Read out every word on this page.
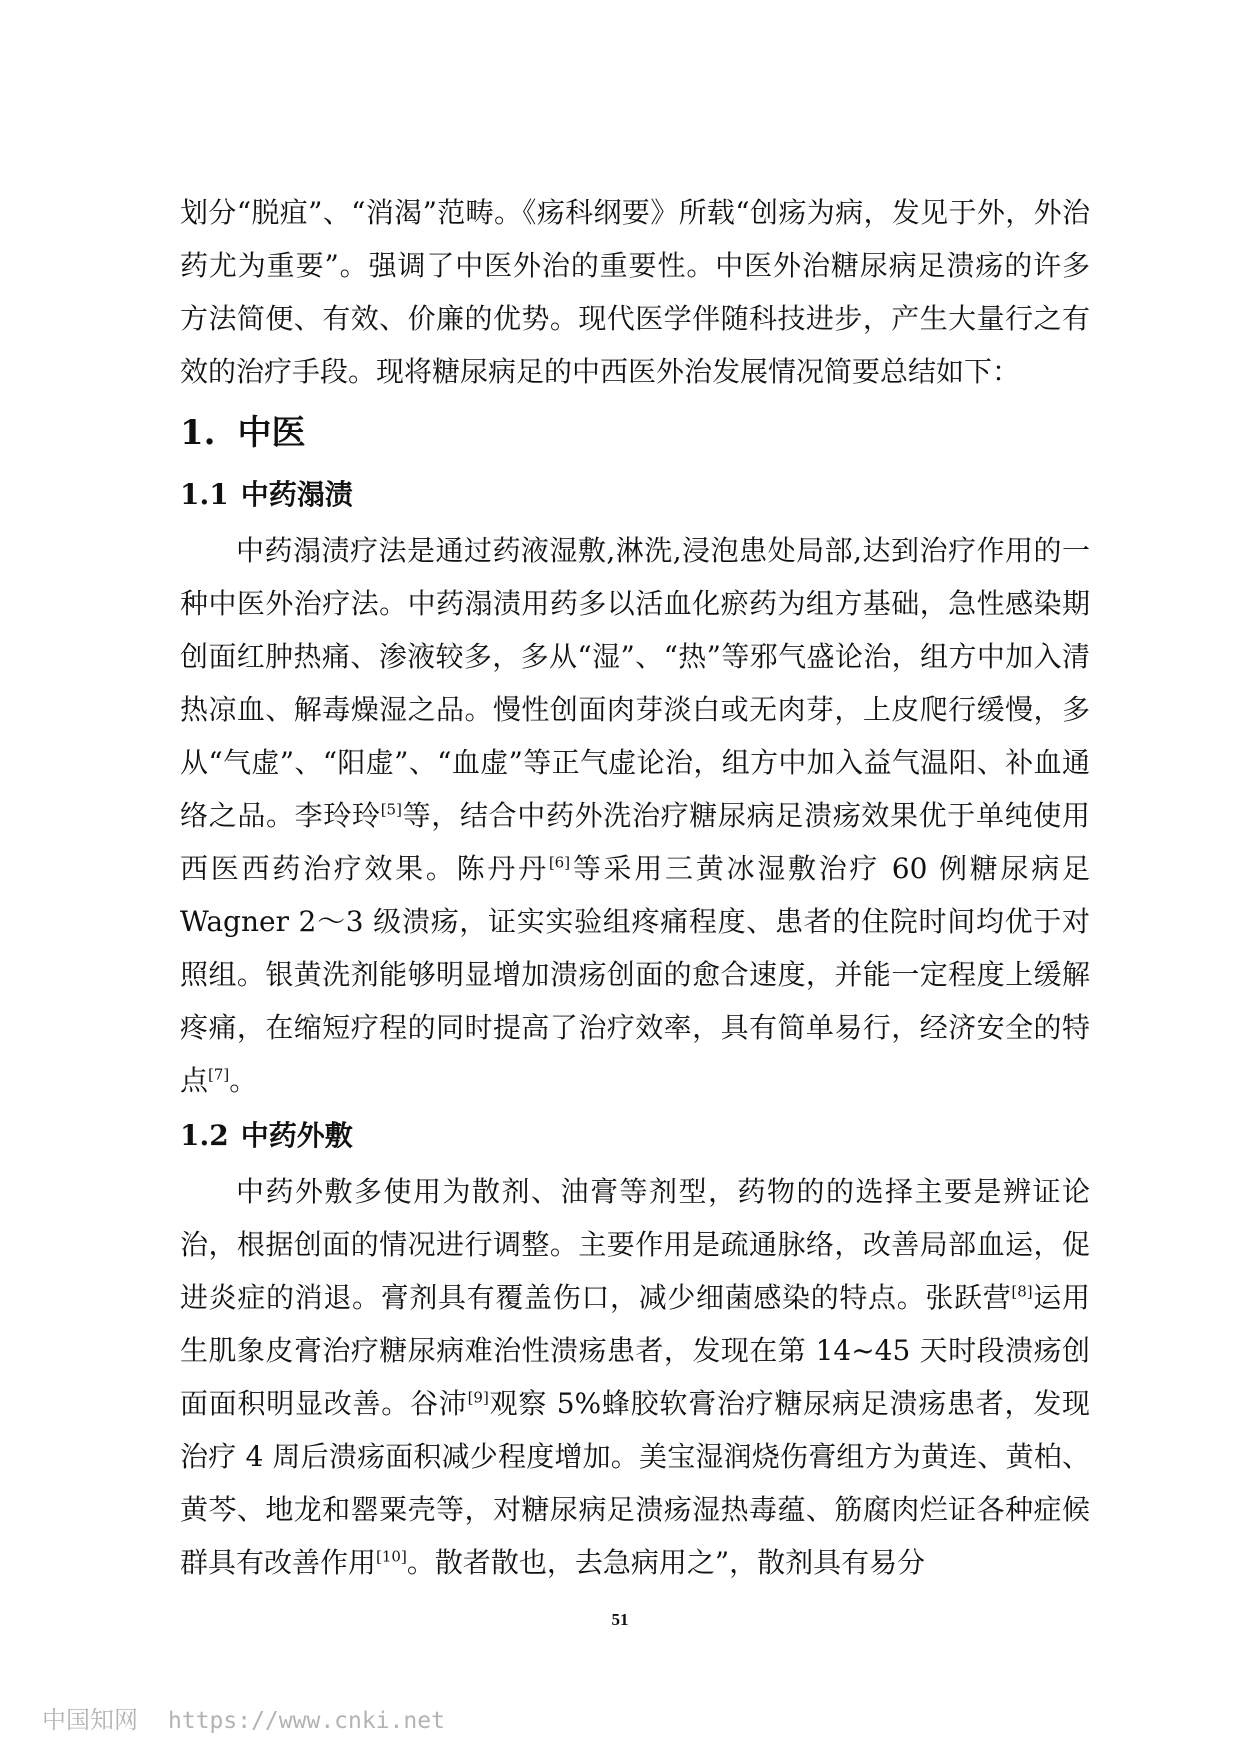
划分“脱疽”、“消渴”范畴。《疡科纲要》所载“创疡为病，发见于外，外治药尤为重要”。强调了中医外治的重要性。中医外治糖尿病足溃疡的许多方法简便、有效、价廉的优势。现代医学伴随科技进步，产生大量行之有效的治疗手段。现将糖尿病足的中西医外治发展情况简要总结如下：

1. 中医
1.1 中药溻渍

中药溻渍疗法是通过药液湿敷,淋洗,浸泡患处局部,达到治疗作用的一种中医外治疗法。中药溻渍用药多以活血化瘀药为组方基础，急性感染期创面红肿热痛、渗液较多，多从“湿”、“热”等邪气盛论治，组方中加入清热凉血、解毒燥湿之品。慢性创面肉芽淡白或无肉芽，上皮爬行缓慢，多从“气虚”、“阳虚”、“血虚”等正气虚论治，组方中加入益气温阳、补血通络之品。李玲玲[5]等，结合中药外洗治疗糖尿病足溃疡效果优于单纯使用西医西药治疗效果。陈丹丹[6]等采用三黄冰湿敷治疗 60 例糖尿病足 Wagner 2～3 级溃疡，证实实验组疼痛程度、患者的住院时间均优于对照组。银黄洗剂能够明显增加溃疡创面的愈合速度，并能一定程度上缓解疼痛，在缩短疗程的同时提高了治疗效率，具有简单易行，经济安全的特点[7]。

1.2 中药外敷

中药外敷多使用为散剂、油膏等剂型，药物的的选择主要是辨证论治，根据创面的情况进行调整。主要作用是疏通脉络，改善局部血运，促进炎症的消退。膏剂具有覆盖伤口，减少细菌感染的特点。张跃营[8]运用生肌象皮膏治疗糖尿病难治性溃疡患者，发现在第 14~45 天时段溃疡创面面积明显改善。谷沛[9]观察 5%蜂胶软膏治疗糖尿病足溃疡患者，发现治疗 4 周后溃疡面积减少程度增加。美宝湿润烧伤膏组方为黄连、黄柏、黄芩、地龙和罂粟壳等，对糖尿病足溃疡湿热毒蕴、筋腐肉烂证各种症候群具有改善作用[10]。散者散也，去急病用之”，散剂具有易分

51
中国知网 https://www.cnki.net
